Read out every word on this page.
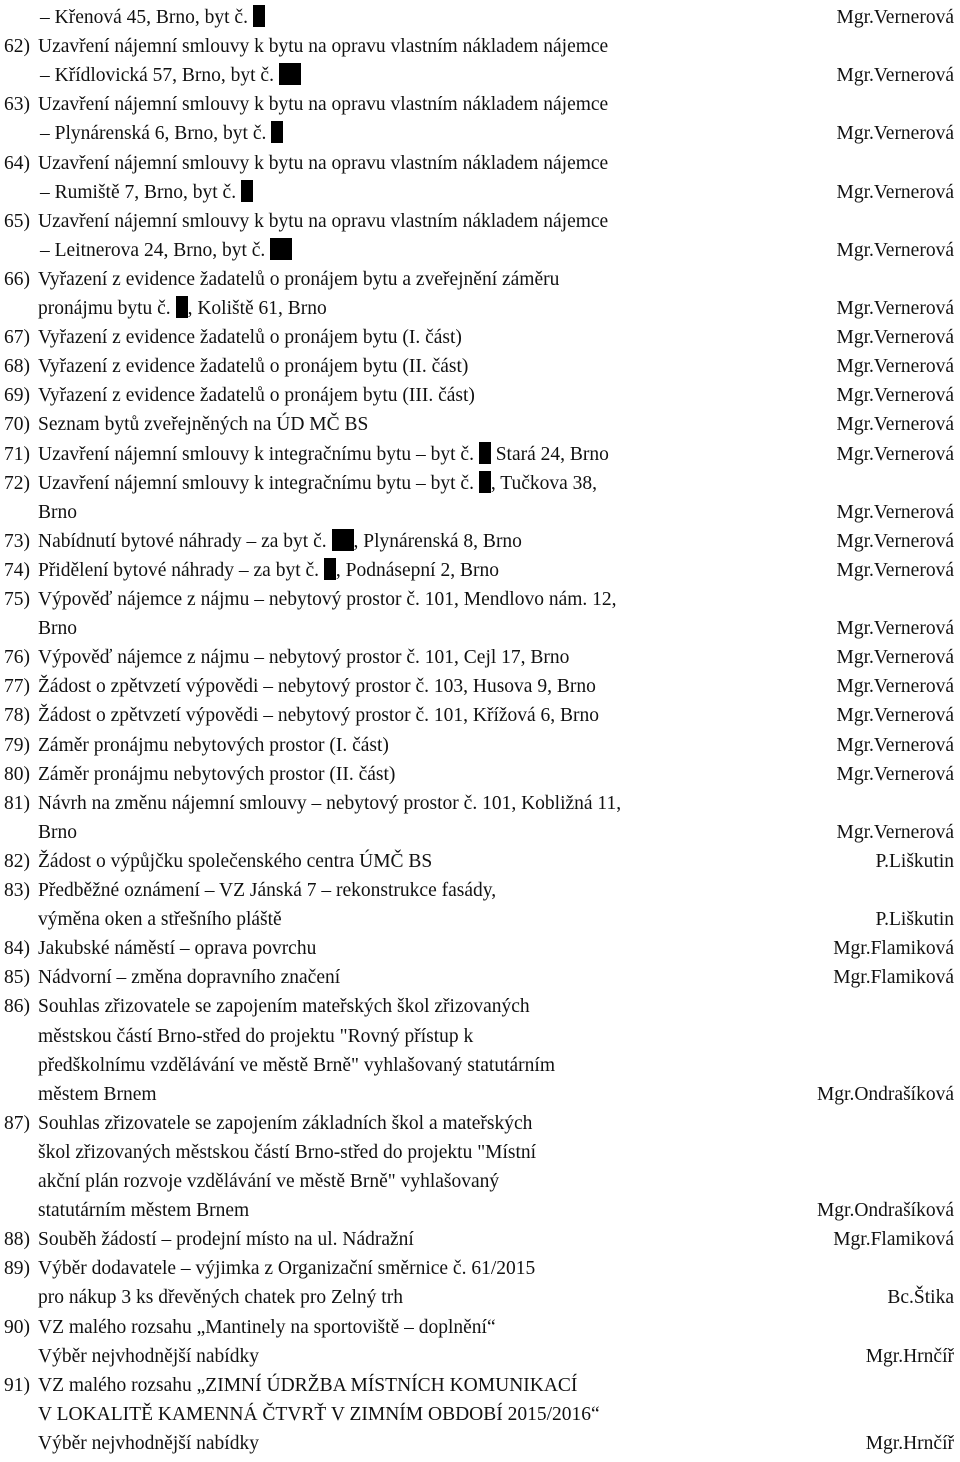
– Křenová 45, Brno, byt č.	Mgr.Vernerová
62) Uzavření nájemní smlouvy k bytu na opravu vlastním nákladem nájemce
– Křídlovická 57, Brno, byt č.	Mgr.Vernerová
63) Uzavření nájemní smlouvy k bytu na opravu vlastním nákladem nájemce
– Plynárenská 6, Brno, byt č.	Mgr.Vernerová
64) Uzavření nájemní smlouvy k bytu na opravu vlastním nákladem nájemce
– Rumiště 7, Brno, byt č.	Mgr.Vernerová
65) Uzavření nájemní smlouvy k bytu na opravu vlastním nákladem nájemce
– Leitnerova 24, Brno, byt č.	Mgr.Vernerová
66) Vyřazení z evidence žadatelů o pronájem bytu a zveřejnění záměru
pronájmu bytu č. , Koliště 61, Brno	Mgr.Vernerová
67) Vyřazení z evidence žadatelů o pronájem bytu (I. část)	Mgr.Vernerová
68) Vyřazení z evidence žadatelů o pronájem bytu (II. část)	Mgr.Vernerová
69) Vyřazení z evidence žadatelů o pronájem bytu (III. část)	Mgr.Vernerová
70) Seznam bytů zveřejněných na ÚD MČ BS	Mgr.Vernerová
71) Uzavření nájemní smlouvy k integračnímu bytu – byt č.  Stará 24, Brno	Mgr.Vernerová
72) Uzavření nájemní smlouvy k integračnímu bytu – byt č. , Tučkova 38,
Brno	Mgr.Vernerová
73) Nabídnutí bytové náhrady – za byt č. , Plynárenská 8, Brno	Mgr.Vernerová
74) Přidělení bytové náhrady – za byt č. , Podnásepní 2, Brno	Mgr.Vernerová
75) Výpověď nájemce z nájmu – nebytový prostor č. 101, Mendlovo nám. 12,
Brno	Mgr.Vernerová
76) Výpověď nájemce z nájmu – nebytový prostor č. 101, Cejl 17, Brno	Mgr.Vernerová
77) Žádost o zpětvzetí výpovědi – nebytový prostor č. 103, Husova 9, Brno	Mgr.Vernerová
78) Žádost o zpětvzetí výpovědi – nebytový prostor č. 101, Křížová 6, Brno	Mgr.Vernerová
79) Záměr pronájmu nebytových prostor (I. část)	Mgr.Vernerová
80) Záměr pronájmu nebytových prostor (II. část)	Mgr.Vernerová
81) Návrh na změnu nájemní smlouvy – nebytový prostor č. 101, Kobližná 11,
Brno	Mgr.Vernerová
82) Žádost o výpůjčku společenského centra ÚMČ BS	P.Liškutin
83) Předběžné oznámení – VZ Jánská 7 – rekonstrukce fasády,
výměna oken a střešního pláště	P.Liškutin
84) Jakubské náměstí – oprava povrchu	Mgr.Flamiková
85) Nádvorní – změna dopravního značení	Mgr.Flamiková
86) Souhlas zřizovatele se zapojením mateřských škol zřizovaných
městskou částí Brno-střed do projektu "Rovný přístup k
předškolnímu vzdělávání ve městě Brně" vyhlašovaný statutárním
městem Brnem	Mgr.Ondrašíková
87) Souhlas zřizovatele se zapojením základních škol a mateřských
škol zřizovaných městskou částí Brno-střed do projektu "Místní
akční plán rozvoje vzdělávání ve městě Brně" vyhlašovaný
statutárním městem Brnem	Mgr.Ondrašíková
88) Souběh žádostí – prodejní místo na ul. Nádražní	Mgr.Flamiková
89) Výběr dodavatele – výjimka z Organizační směrnice č. 61/2015
pro nákup 3 ks dřevěných chatek pro Zelný trh	Bc.Štika
90) VZ malého rozsahu „Mantinely na sportoviště – doplnění“
Výběr nejvhodnější nabídky	Mgr.Hrnčíř
91) VZ malého rozsahu „ZIMNÍ ÚDRŽBA MÍSTNÍCH KOMUNIKACÍ
V LOKALITĚ KAMENNÁ ČTVRŤ V ZIMNÍM OBDOBÍ 2015/2016“
Výběr nejvhodnější nabídky	Mgr.Hrnčíř
